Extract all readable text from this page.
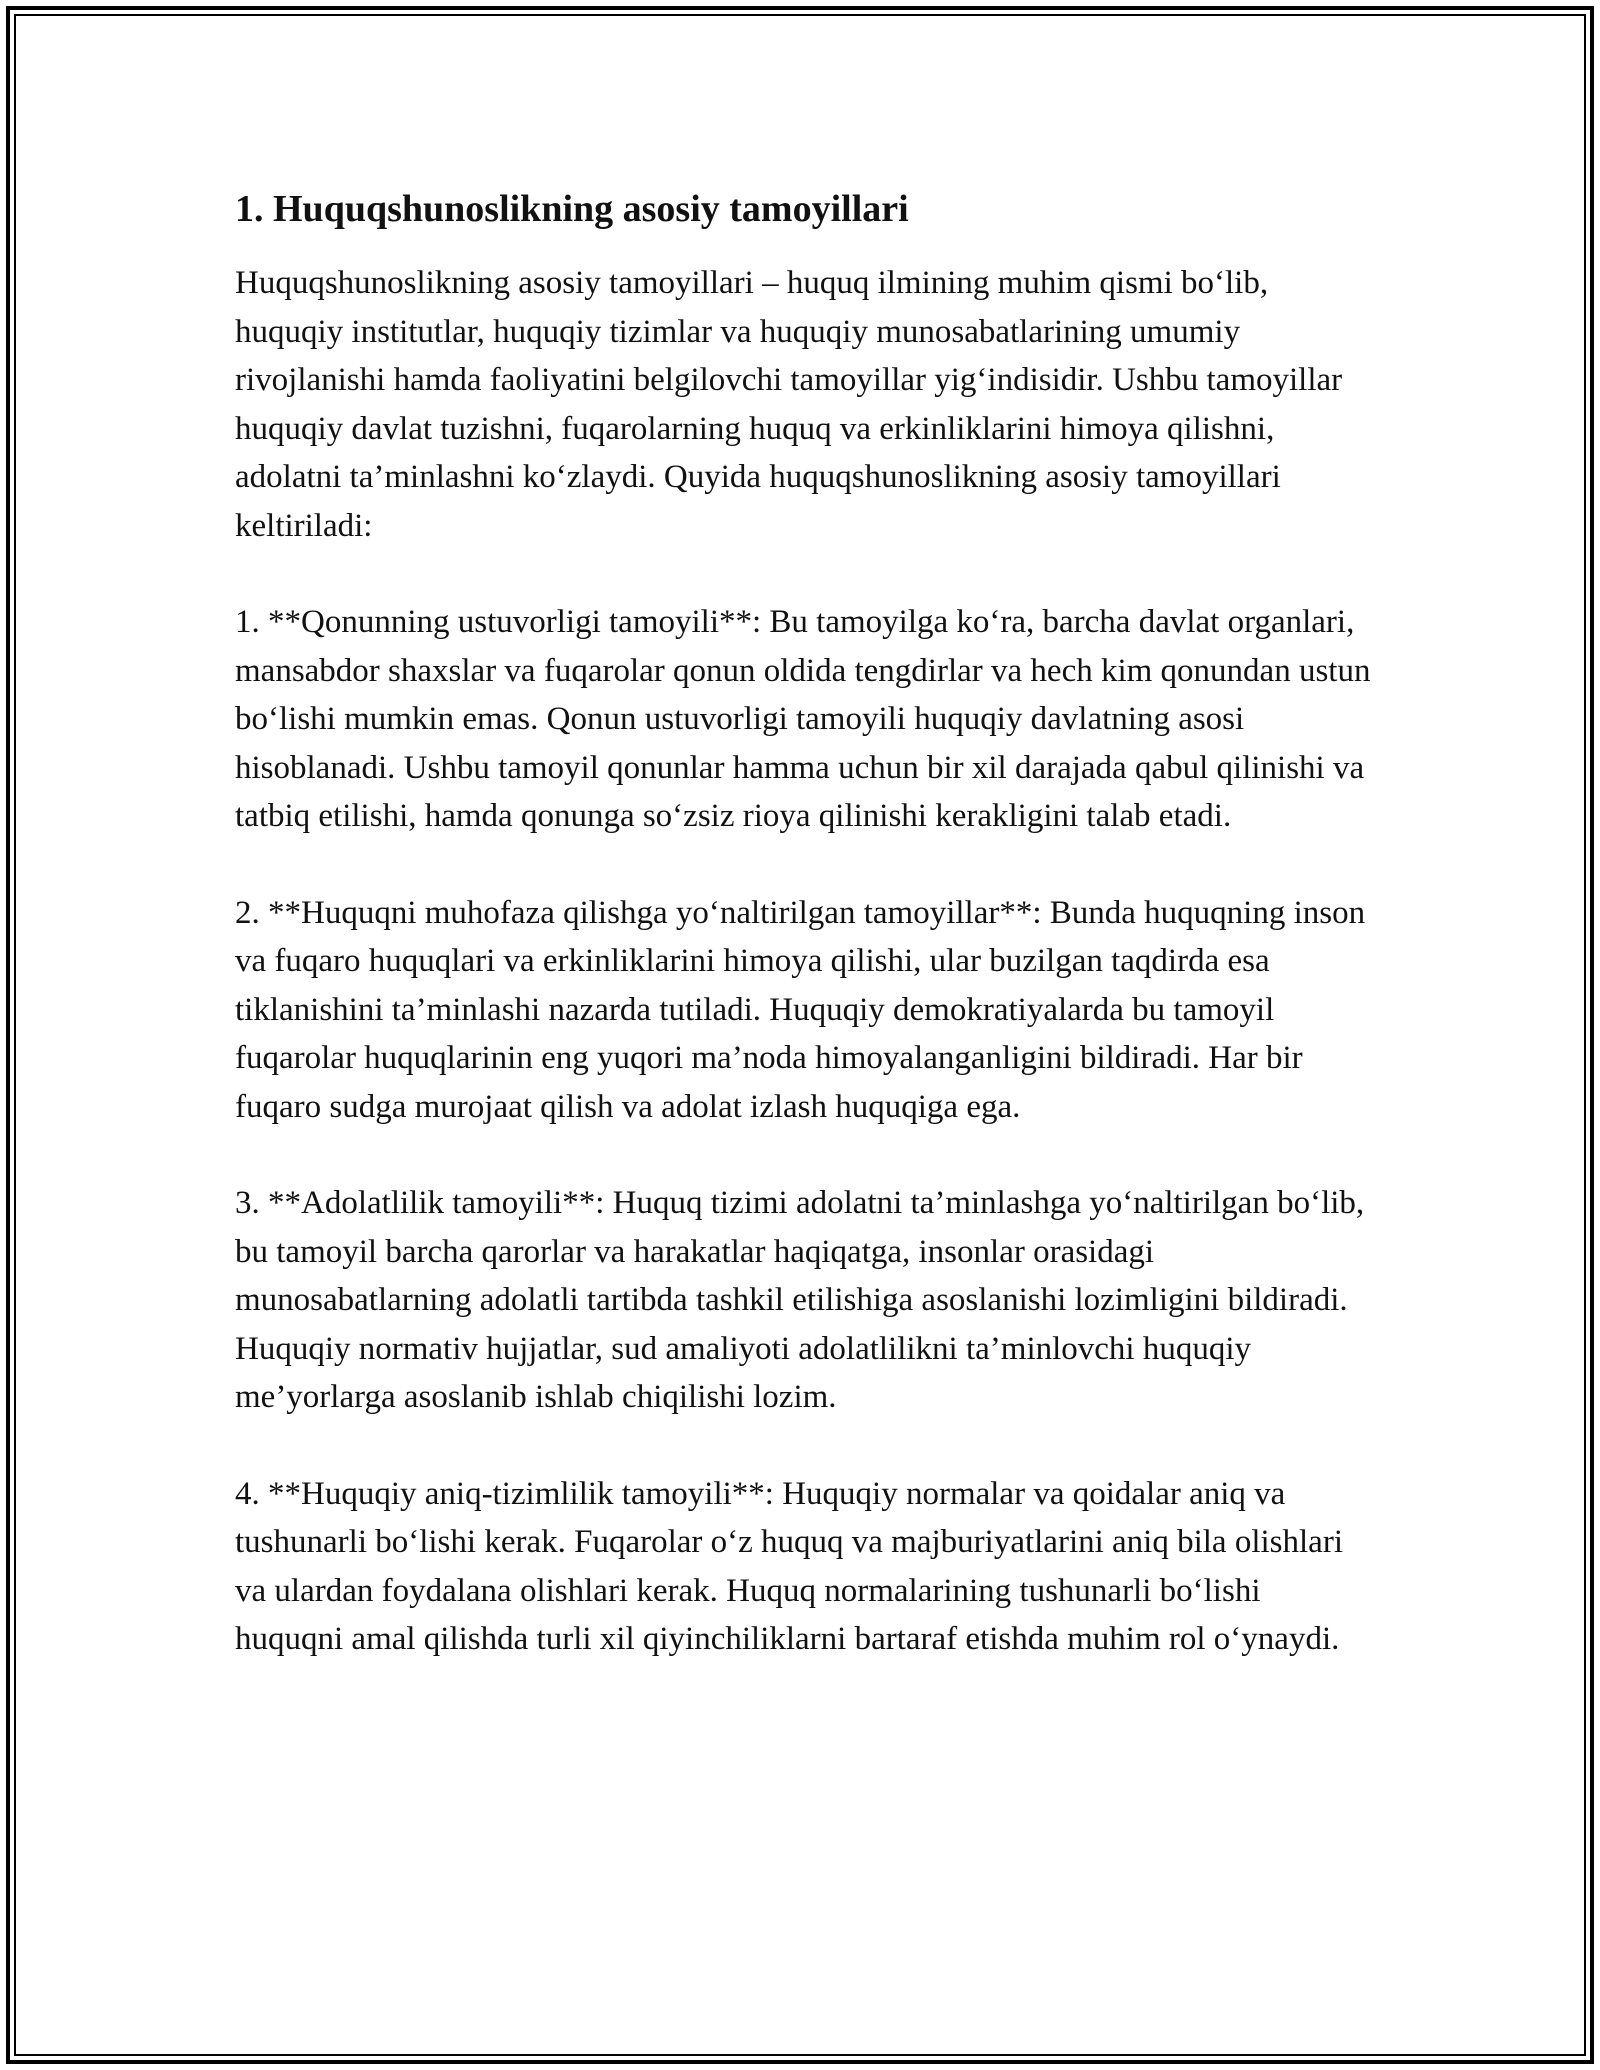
1. Huquqshunoslikning asosiy tamoyillari

Huquqshunoslikning asosiy tamoyillari – huquq ilmining muhim qismi bo‘lib, huquqiy institutlar, huquqiy tizimlar va huquqiy munosabatlarining umumiy rivojlanishi hamda faoliyatini belgilovchi tamoyillar yig‘indisidir. Ushbu tamoyillar huquqiy davlat tuzishni, fuqarolarning huquq va erkinliklarini himoya qilishni, adolatni ta’minlashni ko‘zlaydi. Quyida huquqshunoslikning asosiy tamoyillari keltiriladi:

1. **Qonunning ustuvorligi tamoyili**: Bu tamoyilga ko‘ra, barcha davlat organlari, mansabdor shaxslar va fuqarolar qonun oldida tengdirlar va hech kim qonundan ustun bo‘lishi mumkin emas. Qonun ustuvorligi tamoyili huquqiy davlatning asosi hisoblanadi. Ushbu tamoyil qonunlar hamma uchun bir xil darajada qabul qilinishi va tatbiq etilishi, hamda qonunga so‘zsiz rioya qilinishi kerakligini talab etadi.

2. **Huquqni muhofaza qilishga yo‘naltirilgan tamoyillar**: Bunda huquqning inson va fuqaro huquqlari va erkinliklarini himoya qilishi, ular buzilgan taqdirda esa tiklanishini ta’minlashi nazarda tutiladi. Huquqiy demokratiyalarda bu tamoyil fuqarolar huquqlarinin eng yuqori ma’noda himoyalanganligini bildiradi. Har bir fuqaro sudga murojaat qilish va adolat izlash huquqiga ega.

3. **Adolatlilik tamoyili**: Huquq tizimi adolatni ta’minlashga yo‘naltirilgan bo‘lib, bu tamoyil barcha qarorlar va harakatlar haqiqatga, insonlar orasidagi munosabatlarning adolatli tartibda tashkil etilishiga asoslanishi lozimligini bildiradi. Huquqiy normativ hujjatlar, sud amaliyoti adolatlilikni ta’minlovchi huquqiy me’yorlarga asoslanib ishlab chiqilishi lozim.

4. **Huquqiy aniq-tizimlilik tamoyili**: Huquqiy normalar va qoidalar aniq va tushunarli bo‘lishi kerak. Fuqarolar o‘z huquq va majburiyatlarini aniq bila olishlari va ulardan foydalana olishlari kerak. Huquq normalarining tushunarli bo‘lishi huquqni amal qilishda turli xil qiyinchiliklarni bartaraf etishda muhim rol o‘ynaydi.
